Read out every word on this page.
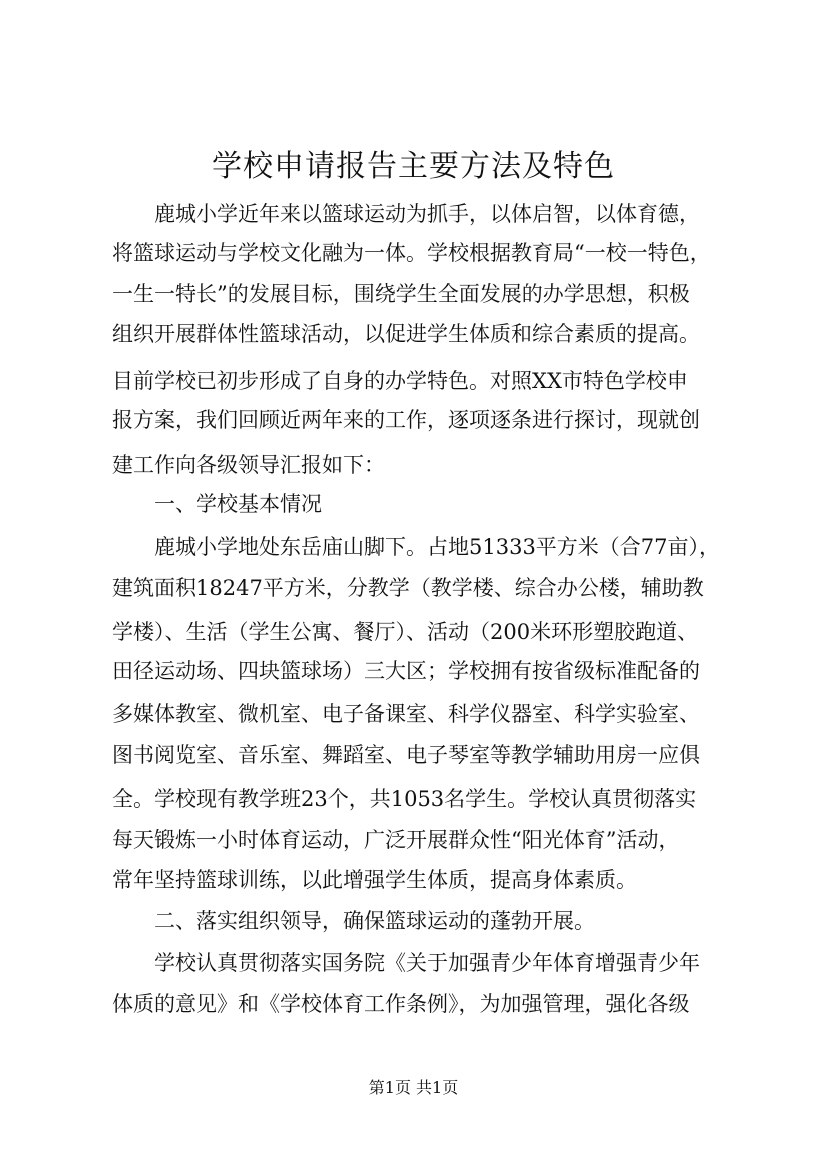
学校申请报告主要方法及特色
鹿城小学近年来以篮球运动为抓手，以体启智，以体育德，
将篮球运动与学校文化融为一体。学校根据教育局“一校一特色，
一生一特长”的发展目标，围绕学生全面发展的办学思想，积极
组织开展群体性篮球活动，以促进学生体质和综合素质的提高。
目前学校已初步形成了自身的办学特色。对照XX市特色学校申
报方案，我们回顾近两年来的工作，逐项逐条进行探讨，现就创
建工作向各级领导汇报如下：
一、学校基本情况
鹿城小学地处东岳庙山脚下。占地51333平方米（合77亩），
建筑面积18247平方米，分教学（教学楼、综合办公楼，辅助教
学楼）、生活（学生公寓、餐厅）、活动（200米环形塑胶跑道、
田径运动场、四块篮球场）三大区；学校拥有按省级标准配备的
多媒体教室、微机室、电子备课室、科学仪器室、科学实验室、
图书阅览室、音乐室、舞蹈室、电子琴室等教学辅助用房一应俱
全。学校现有教学班23个，共1053名学生。学校认真贯彻落实
每天锻炼一小时体育运动，广泛开展群众性“阳光体育”活动，
常年坚持篮球训练，以此增强学生体质，提高身体素质。
二、落实组织领导，确保篮球运动的蓬勃开展。
学校认真贯彻落实国务院《关于加强青少年体育增强青少年
体质的意见》和《学校体育工作条例》，为加强管理，强化各级
第1页 共1页
